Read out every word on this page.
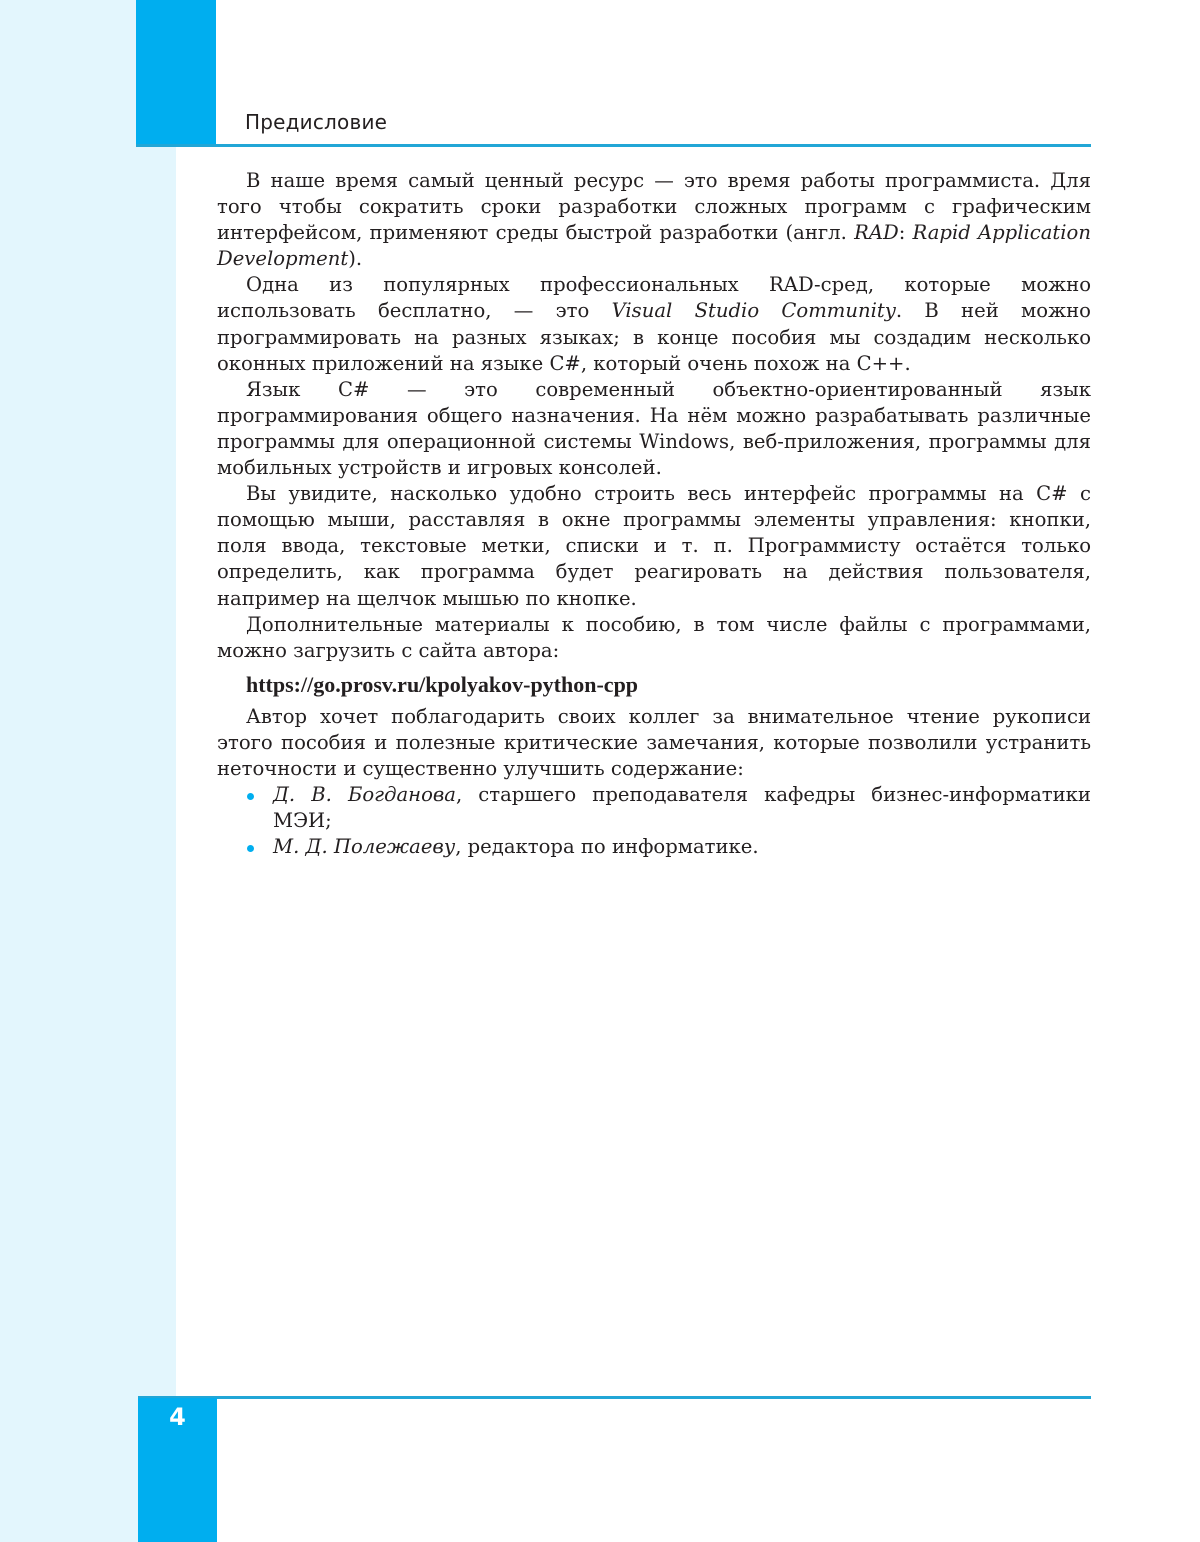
Предисловие

В наше время самый ценный ресурс — это время работы программиста. Для того чтобы сократить сроки разработки сложных программ с графическим интерфейсом, применяют среды быстрой разработки (англ. RAD: Rapid Application Development).

Одна из популярных профессиональных RAD-сред, которые можно использовать бесплатно, — это Visual Studio Community. В ней можно программировать на разных языках; в конце пособия мы создадим несколько оконных приложений на языке C#, который очень похож на C++.

Язык C# — это современный объектно-ориентированный язык программирования общего назначения. На нём можно разрабатывать различные программы для операционной системы Windows, веб-приложения, программы для мобильных устройств и игровых консолей.

Вы увидите, насколько удобно строить весь интерфейс программы на C# с помощью мыши, расставляя в окне программы элементы управления: кнопки, поля ввода, текстовые метки, списки и т. п. Программисту остаётся только определить, как программа будет реагировать на действия пользователя, например на щелчок мышью по кнопке.

Дополнительные материалы к пособию, в том числе файлы с программами, можно загрузить с сайта автора:

https://go.prosv.ru/kpolyakov-python-cpp

Автор хочет поблагодарить своих коллег за внимательное чтение рукописи этого пособия и полезные критические замечания, которые позволили устранить неточности и существенно улучшить содержание:

Д. В. Богданова, старшего преподавателя кафедры бизнес-информатики МЭИ;
М. Д. Полежаеву, редактора по информатике.
4
